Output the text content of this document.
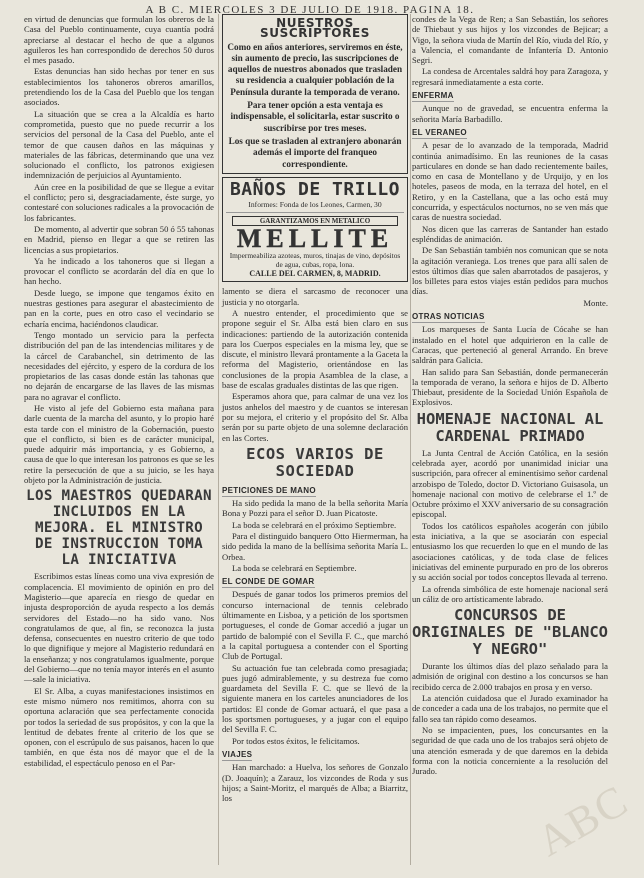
A B C. MIERCOLES 3 DE JULIO DE 1918. PAGINA 18.

en virtud de denuncias que formulan los obreros de la Casa del Pueblo continuamente, cuya cuantía podrá apreciarse al destacar el hecho de que a algunos aguileros les han correspondido de derechos 50 duros el mes pasado.

Estas denuncias han sido hechas por tener en sus establecimientos los tahoneros obreros amarillos, pretendiendo los de la Casa del Pueblo que los tengan asociados.

La situación que se crea a la Alcaldía es harto comprometida, puesto que no puede recurrir a los servicios del personal de la Casa del Pueblo, ante el temor de que causen daños en las máquinas y materiales de las fábricas, determinando que una vez solucionado el conflicto, los patronos exigiesen indemnización de perjuicios al Ayuntamiento.

Aún cree en la posibilidad de que se llegue a evitar el conflicto; pero si, desgraciadamente, éste surge, yo contestaré con soluciones radicales a la provocación de los fabricantes.

De momento, al advertir que sobran 50 ó 55 tahonas en Madrid, pienso en llegar a que se retiren las licencias a sus propietarios.

Ya he indicado a los tahoneros que si llegan a provocar el conflicto se acordarán del día en que lo han hecho.

Desde luego, se impone que tengamos éxito en nuestras gestiones para asegurar el abastecimiento de pan en la corte, pues en otro caso el vecindario se echaría encima, haciéndonos claudicar.

Tengo montado un servicio para la perfecta distribución del pan de las intendencias militares y de la cárcel de Carabanchel, sin detrimento de las necesidades del ejército, y espero de la cordura de los propietarios de las casas donde están las tahonas que no dejarán de encargarse de las llaves de las mismas para no agravar el conflicto.

He visto al jefe del Gobierno esta mañana para darle cuenta de la marcha del asunto, y lo propio haré esta tarde con el ministro de la Gobernación, puesto que el conflicto, si bien es de carácter municipal, puede adquirir más importancia, y es Gobierno, a causa de que lo que interesan los patronos es que se les retire la persecución de que a su juicio, se les haya objeto por la Administración de justicia.

LOS MAESTROS QUEDARAN INCLUIDOS EN LA MEJORA. EL MINISTRO DE INSTRUCCION TOMA LA INICIATIVA

Escribimos estas líneas como una viva expresión de complacencia. El movimiento de opinión en pro del Magisterio—que aparecía en riesgo de quedar en injusta desproporción de ayuda respecto a los demás servidores del Estado—no ha sido vano. Nos congratulamos de que, al fin, se reconozca la justa defensa, consecuentes en nuestro criterio de que todo lo que dignifique y mejore al Magisterio redundará en la enseñanza; y nos congratulamos igualmente, porque del Gobierno—que no tenía mayor interés en el asunto—sale la iniciativa.

El Sr. Alba, a cuyas manifestaciones insistimos en este mismo número nos remitimos, ahorra con su oportuna aclaración que sea perfectamente conocida por todos la seriedad de sus propósitos, y con la que la lentitud de debates frente al criterio de los que se oponen, con el escrúpulo de sus paisanos, hacen lo que también, en que ésta nos dé mayor que el de la estabilidad, el espectáculo penoso en el Par-

NUESTROS SUSCRIPTORES

Como en años anteriores, serviremos en éste, sin aumento de precio, las suscripciones de aquellos de nuestros abonados que trasladen su residencia a cualquier población de la Península durante la temporada de verano.

Para tener opción a esta ventaja es indispensable, el solicitarla, estar suscrito o suscribirse por tres meses.

Los que se trasladen al extranjero abonarán además el importe del franqueo correspondiente.

BAÑOS DE TRILLO
Informes: Fonda de los Leones, Carmen, 30
GARANTIZAMOS EN METALICO
MELLITE
Impermeabiliza azoteas, muros, tinajas de vino, depósitos de agua, cubas, ropa, lona.
CALLE DEL CARMEN, 8, MADRID.

lamento se diera el sarcasmo de reconocer una justicia y no otorgarla.

A nuestro entender, el procedimiento que se propone seguir el Sr. Alba está bien claro en sus indicaciones: partiendo de la autorización contenida para los Cuerpos especiales en la misma ley, que se discute, el ministro llevará prontamente a la Gaceta la reforma del Magisterio, orientándose en las conclusiones de la propia Asamblea de la clase, a base de escalas graduales distintas de las que rigen.

Esperamos ahora que, para calmar de una vez los justos anhelos del maestro y de cuantos se interesan por su mejora, el criterio y el propósito del Sr. Alba serán por su parte objeto de una solemne declaración en las Cortes.

ECOS VARIOS DE SOCIEDAD
PETICIONES DE MANO

Ha sido pedida la mano de la bella señorita María Bona y Pozzi para el señor D. Juan Picatoste.

La boda se celebrará en el próximo Septiembre.

Para el distinguido banquero Otto Hiermerman, ha sido pedida la mano de la bellísima señorita María L. Orbea.

La boda se celebrará en Septiembre.

EL CONDE DE GOMAR

Después de ganar todos los primeros premios del concurso internacional de tennis celebrado últimamente en Lisboa, y a petición de los sportsmen portugueses, el conde de Gomar accedió a jugar un partido de balompié con el Sevilla F. C., que marchó a la capital portuguesa a contender con el Sporting Club de Portugal.

Su actuación fue tan celebrada como presagiada; pues jugó admirablemente, y su destreza fue como guardameta del Sevilla F. C. que se llevó de la siguiente manera en los carteles anunciadores de los partidos: El conde de Gomar actuará, el que pasa a los sportsmen portugueses, y a jugar con el equipo del Sevilla F. C.

Por todos estos éxitos, le felicitamos.

VIAJES

Han marchado: a Huelva, los señores de Gonzalo (D. Joaquín); a Zarauz, los vizcondes de Roda y sus hijos; a Saint-Moritz, el marqués de Alba; a Biarritz, los

condes de la Vega de Ren; a San Sebastián, los señores de Thiebaut y sus hijos y los vizcondes de Bejicar; a Vigo, la señora viuda de Martín del Río, viuda del Río, y a Valencia, el comandante de Infantería D. Antonio Segri.

La condesa de Arcentales saldrá hoy para Zaragoza, y regresará inmediatamente a esta corte.

ENFERMA

Aunque no de gravedad, se encuentra enferma la señorita María Barbadillo.

EL VERANEO

A pesar de lo avanzado de la temporada, Madrid continúa animadísimo. En las reuniones de la casas particulares en donde se han dado recientemente bailes, como en casa de Montellano y de Urquijo, y en los hoteles, paseos de moda, en la terraza del hotel, en el Retiro, y en la Castellana, que a las ocho está muy concurrida, y espectáculos nocturnos, no se ven más que caras de nuestra sociedad.

Nos dicen que las carreras de Santander han estado espléndidas de animación.

De San Sebastián también nos comunican que se nota la agitación veraniega. Los trenes que para allí salen de estos últimos días que salen abarrotados de pasajeros, y los billetes para estos viajes están pedidos para muchos días.

Monte.

OTRAS NOTICIAS

Los marqueses de Santa Lucía de Cócahe se han instalado en el hotel que adquirieron en la calle de Caracas, que perteneció al general Arrando. En breve saldrán para Galicia.

Han salido para San Sebastián, donde permanecerán la temporada de verano, la señora e hijos de D. Alberto Thiebaut, presidente de la Sociedad Unión Española de Explosivos.

HOMENAJE NACIONAL AL CARDENAL PRIMADO

La Junta Central de Acción Católica, en la sesión celebrada ayer, acordó por unanimidad iniciar una suscripción, para ofrecer al eminentísimo señor cardenal arzobispo de Toledo, doctor D. Victoriano Guisasola, un homenaje nacional con motivo de celebrarse el 1.º de Octubre próximo el XXV aniversario de su consagración episcopal.

Todos los católicos españoles acogerán con júbilo esta iniciativa, a la que se asociarán con especial entusiasmo los que recuerden lo que en el mundo de las asociaciones católicas, y de toda clase de felices iniciativas del eminente purpurado en pro de los obreros y su acción social por todos conceptos llevada al terreno.

La ofrenda simbólica de este homenaje nacional será un cáliz de oro artísticamente labrado.

CONCURSOS DE ORIGINALES DE "BLANCO Y NEGRO"

Durante los últimos días del plazo señalado para la admisión de original con destino a los concursos se han recibido cerca de 2.000 trabajos en prosa y en verso.

La atención cuidadosa que el Jurado examinador ha de conceder a cada una de los trabajos, no permite que el fallo sea tan rápido como deseamos.

No se impacienten, pues, los concursantes en la seguridad de que cada uno de los trabajos será objeto de una atención esmerada y de que daremos en la debida forma con la noticia concerniente a la resolución del Jurado.

ABC
